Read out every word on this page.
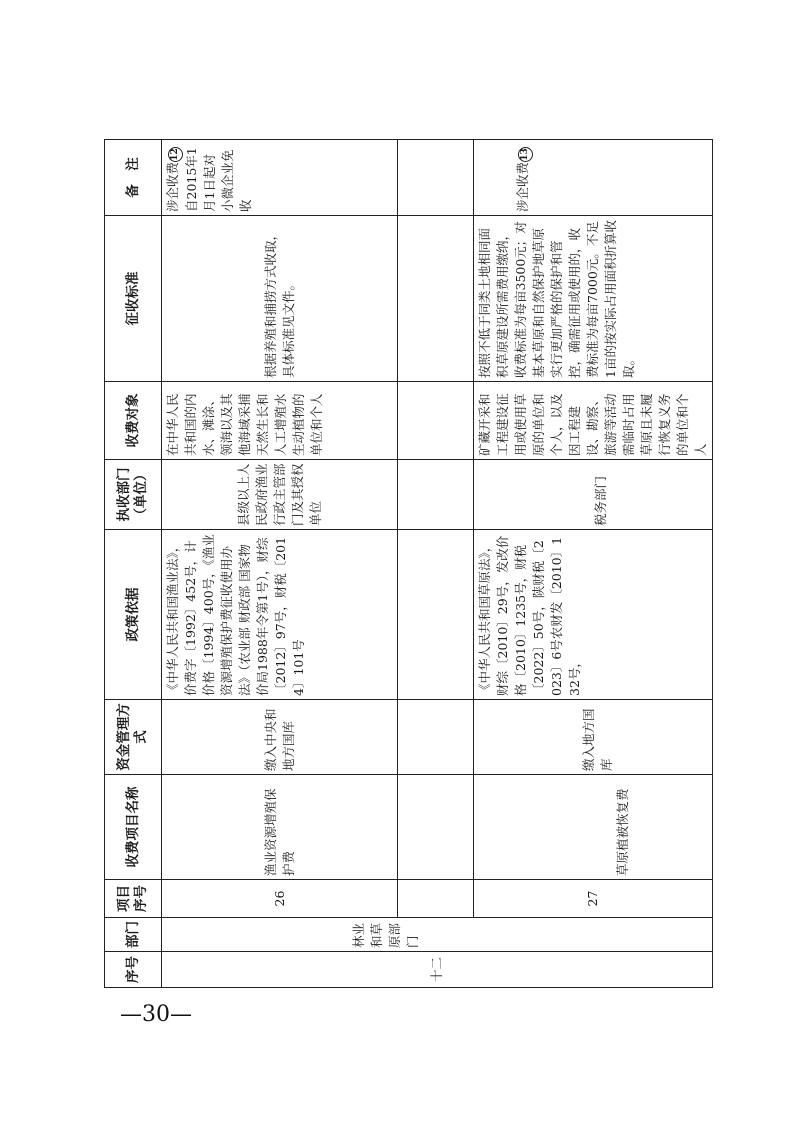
序号	部门	项目序号	收费项目名称	资金管理方式	政策依据	执收部门（单位）	收费对象	征收标准	备　注
十二	林业和草原部门	26	渔业资源增殖保护费	缴入中央和地方国库	《中华人民共和国渔业法》，价费字〔1992〕452号，计价格〔1994〕400号，《渔业资源增殖保护费征收使用办法》（农业部 财政部 国家物价局1988年令第1号），财综〔2012〕97号，财税〔2014〕101号	县级以上人民政府渔业行政主管部门及其授权单位	在中华人民共和国的内水、滩涂、领海以及其他海域采捕天然生长和人工增殖水生动植物的单位和个人	根据养殖和捕捞方式收取，具体标准见文件。	涉企收费12 自2015年1月1日起对小微企业免收

		27	草原植被恢复费	缴入地方国库	《中华人民共和国草原法》，财综〔2010〕29号，发改价格〔2010〕1235号，财税〔2022〕50号，陕财税〔2023〕6号农财发〔2010〕132号，	税务部门	矿藏开采和工程建设征用或使用草原的单位和个人，以及因工程建设、勘察、旅游等活动需临时占用草原且未履行恢复义务的单位和个人	按照不低于同类土地相同面积草原建设所需费用缴纳，收费标准为每亩3500元；对基本草原和自然保护地草原实行更加严格的保护和管控，确需征用或使用的，收费标准为每亩7000元。不足1亩的按实际占用面积折算收取。	涉企收费13
—30—
